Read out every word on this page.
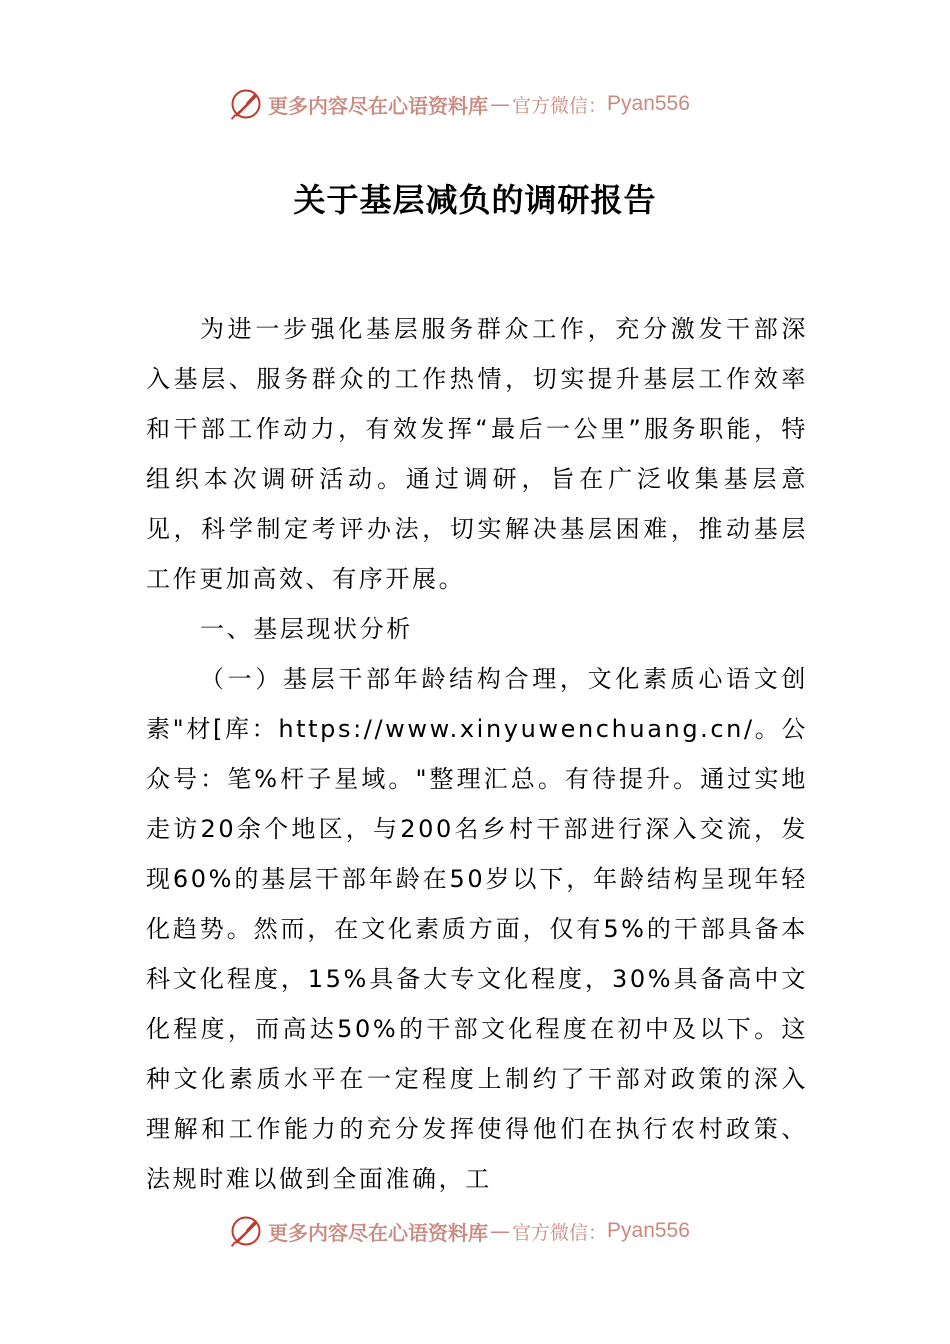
更多内容尽在心语资料库 — 官方微信： Pyan556
关于基层减负的调研报告

为进一步强化基层服务群众工作，充分激发干部深入基层、服务群众的工作热情，切实提升基层工作效率和干部工作动力，有效发挥“最后一公里”服务职能，特组织本次调研活动。通过调研，旨在广泛收集基层意见，科学制定考评办法，切实解决基层困难，推动基层工作更加高效、有序开展。

一、基层现状分析

（一）基层干部年龄结构合理，文化素质心语文创素"材[库：https://www.xinyuwenchuang.cn/。公众号：笔%杆子星域。"整理汇总。有待提升。通过实地走访20余个地区，与200名乡村干部进行深入交流，发现60%的基层干部年龄在50岁以下，年龄结构呈现年轻化趋势。然而，在文化素质方面，仅有5%的干部具备本科文化程度，15%具备大专文化程度，30%具备高中文化程度，而高达50%的干部文化程度在初中及以下。这种文化素质水平在一定程度上制约了干部对政策的深入理解和工作能力的充分发挥使得他们在执行农村政策、法规时难以做到全面准确，工

更多内容尽在心语资料库 — 官方微信： Pyan556
